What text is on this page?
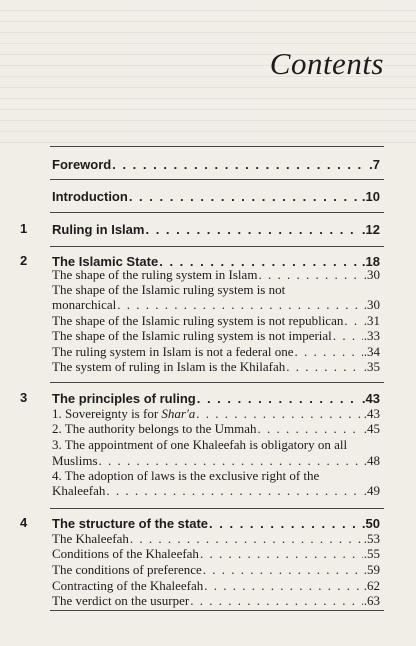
Contents
Foreword . . .	.7
Introduction . . .	.10
1 Ruling in Islam . . .	.12
2 The Islamic State . . .	.18
The shape of the ruling system in Islam . . .	.30
The shape of the Islamic ruling system is not
monarchical . . .	.30
The shape of the Islamic ruling system is not republican . . . .31
The shape of the Islamic ruling system is not imperial . . . .33
The ruling system in Islam is not a federal one . . .	.34
The system of ruling in Islam is the Khilafah . . .	.35
3 The principles of ruling . . .	.43
1. Sovereignty is for Shar'a . . .	.43
2. The authority belongs to the Ummah . . .	.45
3. The appointment of one Khaleefah is obligatory on all
Muslims . . .	.48
4. The adoption of laws is the exclusive right of the
Khaleefah . . .	.49
4 The structure of the state . . .	.50
The Khaleefah . . .	.53
Conditions of the Khaleefah . . .	.55
The conditions of preference . . .	.59
Contracting of the Khaleefah . . .	.62
The verdict on the usurper . . .	.63
